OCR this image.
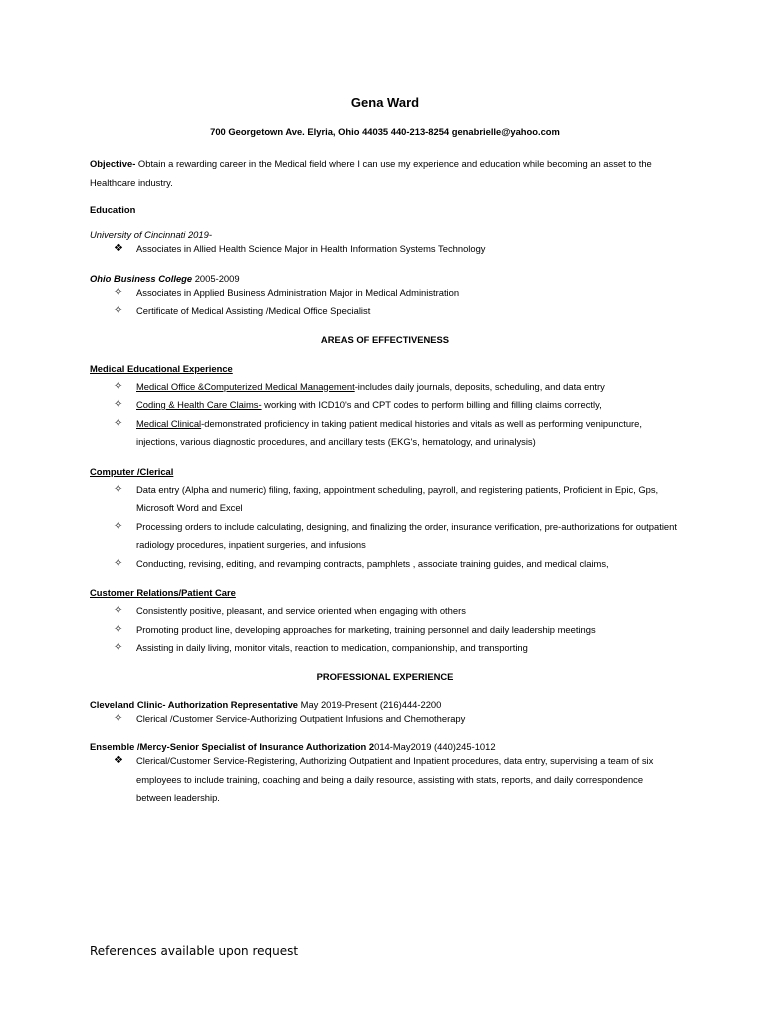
Gena Ward
700 Georgetown Ave. Elyria, Ohio 44035 440-213-8254 genabrielle@yahoo.com
Objective- Obtain a rewarding career in the Medical field where I can use my experience and education while becoming an asset to the Healthcare industry.
Education
University of Cincinnati 2019-
❖ Associates in Allied Health Science Major in Health Information Systems Technology
Ohio Business College 2005-2009
✧ Associates in Applied Business Administration Major in Medical Administration
✧ Certificate of Medical Assisting /Medical Office Specialist
AREAS OF EFFECTIVENESS
Medical Educational Experience
✧ Medical Office &Computerized Medical Management-includes daily journals, deposits, scheduling, and data entry
✧ Coding & Health Care Claims- working with ICD10's and CPT codes to perform billing and filling claims correctly,
✧ Medical Clinical-demonstrated proficiency in taking patient medical histories and vitals as well as performing venipuncture, injections, various diagnostic procedures, and ancillary tests (EKG's, hematology, and urinalysis)
Computer /Clerical
✧ Data entry (Alpha and numeric) filing, faxing, appointment scheduling, payroll, and registering patients, Proficient in Epic, Gps, Microsoft Word and Excel
✧ Processing orders to include calculating, designing, and finalizing the order, insurance verification, pre-authorizations for outpatient radiology procedures, inpatient surgeries, and infusions
✧ Conducting, revising, editing, and revamping contracts, pamphlets , associate training guides, and medical claims,
Customer Relations/Patient Care
✧ Consistently positive, pleasant, and service oriented when engaging with others
✧ Promoting product line, developing approaches for marketing, training personnel and daily leadership meetings
✧ Assisting in daily living, monitor vitals, reaction to medication, companionship, and transporting
PROFESSIONAL EXPERIENCE
Cleveland Clinic- Authorization Representative May 2019-Present (216)444-2200
✧ Clerical /Customer Service-Authorizing Outpatient Infusions and Chemotherapy
Ensemble /Mercy-Senior Specialist of Insurance Authorization 2014-May2019 (440)245-1012
❖ Clerical/Customer Service-Registering, Authorizing Outpatient and Inpatient procedures, data entry, supervising a team of six employees to include training, coaching and being a daily resource, assisting with stats, reports, and daily correspondence between leadership.
References available upon request
